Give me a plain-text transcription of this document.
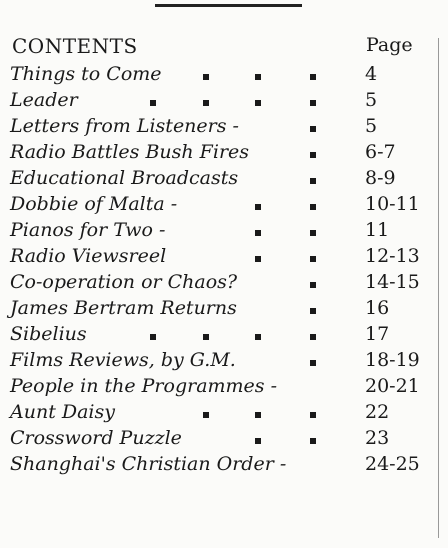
CONTENTS	Page
Things to Come	4
Leader	5
Letters from Listeners -	5
Radio Battles Bush Fires	6-7
Educational Broadcasts	8-9
Dobbie of Malta -	10-11
Pianos for Two -	11
Radio Viewsreel	12-13
Co-operation or Chaos?	14-15
James Bertram Returns	16
Sibelius	17
Films Reviews, by G.M.	18-19
People in the Programmes -	20-21
Aunt Daisy	22
Crossword Puzzle	23
Shanghai's Christian Order -	24-25
